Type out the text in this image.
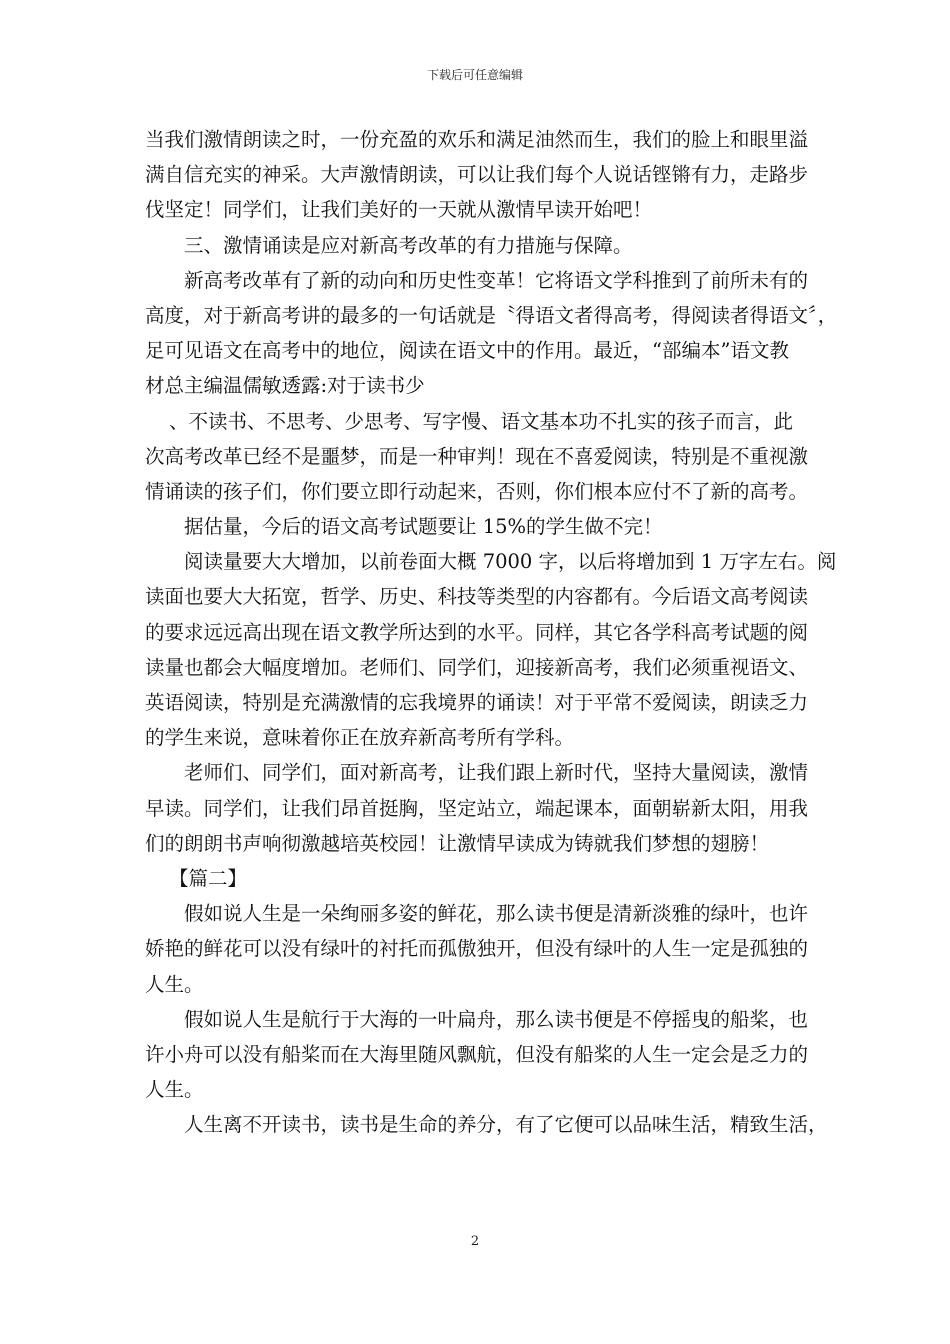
下载后可任意编辑
当我们激情朗读之时，一份充盈的欢乐和满足油然而生，我们的脸上和眼里溢
满自信充实的神采。大声激情朗读，可以让我们每个人说话铿锵有力，走路步
伐坚定！同学们，让我们美好的一天就从激情早读开始吧！
三、激情诵读是应对新高考改革的有力措施与保障。
新高考改革有了新的动向和历史性变革！它将语文学科推到了前所未有的
高度，对于新高考讲的最多的一句话就是〝得语文者得高考，得阅读者得语文〞，
足可见语文在高考中的地位，阅读在语文中的作用。最近，“部编本”语文教
材总主编温儒敏透露:对于读书少
、不读书、不思考、少思考、写字慢、语文基本功不扎实的孩子而言，此
次高考改革已经不是噩梦，而是一种审判！现在不喜爱阅读，特别是不重视激
情诵读的孩子们，你们要立即行动起来，否则，你们根本应付不了新的高考。
据估量，今后的语文高考试题要让 15%的学生做不完！
阅读量要大大增加，以前卷面大概 7000 字，以后将增加到 1 万字左右。阅
读面也要大大拓宽，哲学、历史、科技等类型的内容都有。今后语文高考阅读
的要求远远高出现在语文教学所达到的水平。同样，其它各学科高考试题的阅
读量也都会大幅度增加。老师们、同学们，迎接新高考，我们必须重视语文、
英语阅读，特别是充满激情的忘我境界的诵读！对于平常不爱阅读，朗读乏力
的学生来说，意味着你正在放弃新高考所有学科。
老师们、同学们，面对新高考，让我们跟上新时代，坚持大量阅读，激情
早读。同学们，让我们昂首挺胸，坚定站立，端起课本，面朝崭新太阳，用我
们的朗朗书声响彻激越培英校园！让激情早读成为铸就我们梦想的翅膀！
【篇二】
假如说人生是一朵绚丽多姿的鲜花，那么读书便是清新淡雅的绿叶，也许
娇艳的鲜花可以没有绿叶的衬托而孤傲独开，但没有绿叶的人生一定是孤独的
人生。
假如说人生是航行于大海的一叶扁舟，那么读书便是不停摇曳的船桨，也
许小舟可以没有船桨而在大海里随风飘航，但没有船桨的人生一定会是乏力的
人生。
人生离不开读书，读书是生命的养分，有了它便可以品味生活，精致生活，
2
